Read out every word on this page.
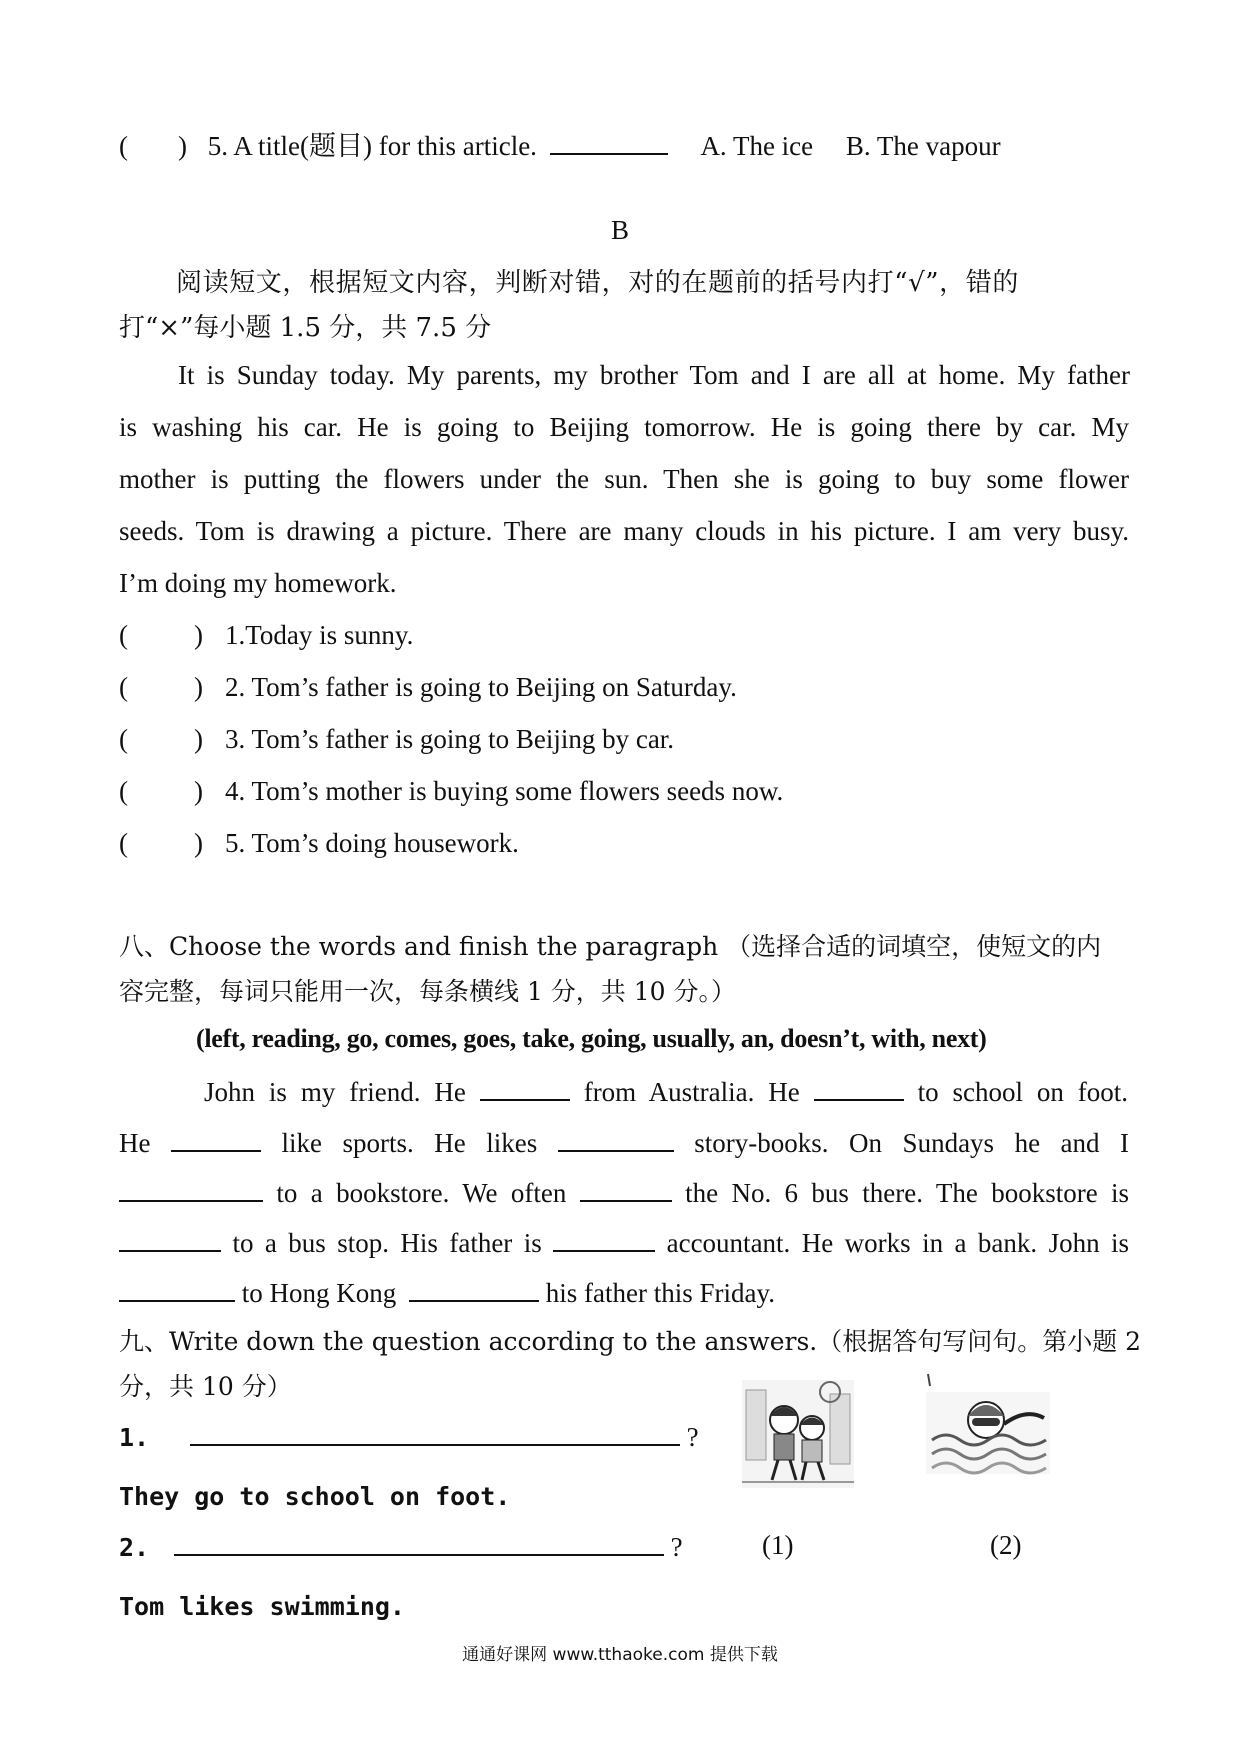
( ) 5. A title(题目) for this article.	A. The ice B. The vapour
B
阅读短文，根据短文内容，判断对错，对的在题前的括号内打“√”，错的
打“×”每小题 1.5 分，共 7.5 分
It is Sunday today. My parents, my brother Tom and I are all at home. My father
is washing his car. He is going to Beijing tomorrow. He is going there by car. My
mother is putting the flowers under the sun. Then she is going to buy some flower
seeds. Tom is drawing a picture. There are many clouds in his picture. I am very busy.
I’m doing my homework.
( ) 1.Today is sunny.
( ) 2. Tom’s father is going to Beijing on Saturday.
( ) 3. Tom’s father is going to Beijing by car.
( ) 4. Tom’s mother is buying some flowers seeds now.
( ) 5. Tom’s doing housework.
八、Choose the words and finish the paragraph （选择合适的词填空，使短文的内
容完整，每词只能用一次，每条横线 1 分，共 10 分。）
(left, reading, go, comes, goes, take, going, usually, an, doesn’t, with, next)
John is my friend. He	from Australia. He	to school on foot.
He	like sports. He likes	story-books. On Sundays he and I
to a bookstore. We often	the No. 6 bus there. The bookstore is
to a bus stop. His father is	accountant. He works in a bank. John is
to Hong Kong	his father this Friday.
九、Write down the question according to the answers.（根据答句写问句。第小题 2
分，共 10 分）
1.	?
They go to school on foot.
2.	?
Tom likes swimming.
(1)	(2)
通通好课网 www.tthaoke.com 提供下载
